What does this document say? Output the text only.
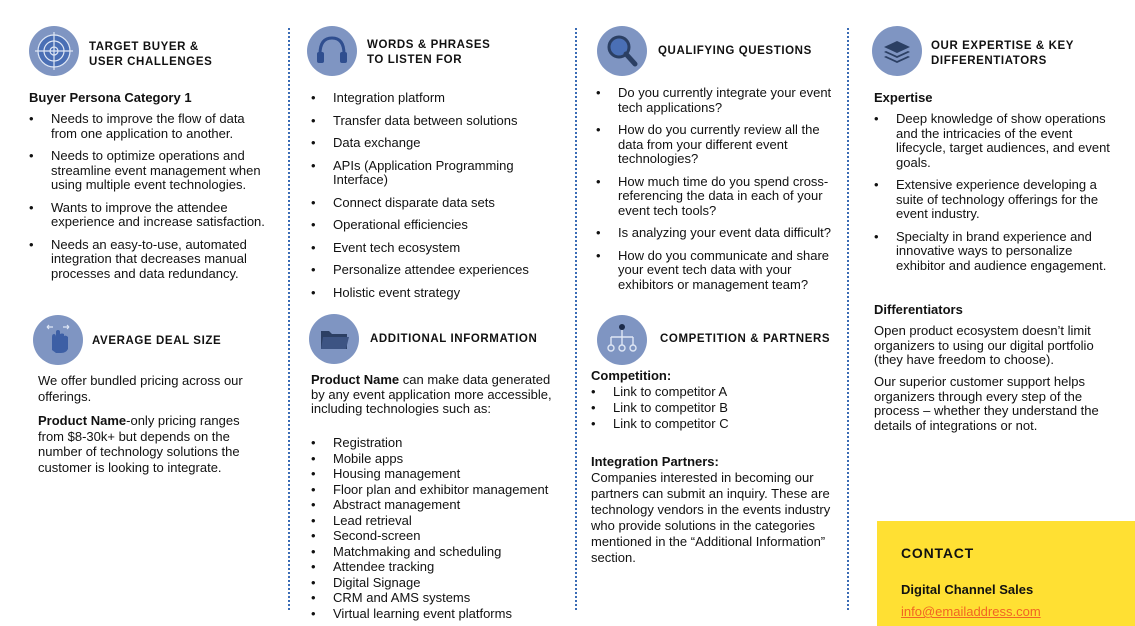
TARGET BUYER &
USER CHALLENGES
Buyer Persona Category 1
• Needs to improve the flow of data from one application to another.
• Needs to optimize operations and streamline event management when using multiple event technologies.
• Wants to improve the attendee experience and increase satisfaction.
• Needs an easy-to-use, automated integration that decreases manual processes and data redundancy.
AVERAGE DEAL SIZE
We offer bundled pricing across our offerings.
Product Name-only pricing ranges from $8-30k+ but depends on the number of technology solutions the customer is looking to integrate.
WORDS & PHRASES
TO LISTEN FOR
• Integration platform
• Transfer data between solutions
• Data exchange
• APIs (Application Programming Interface)
• Connect disparate data sets
• Operational efficiencies
• Event tech ecosystem
• Personalize attendee experiences
• Holistic event strategy
ADDITIONAL INFORMATION
Product Name can make data generated by any event application more accessible, including technologies such as:
• Registration
• Mobile apps
• Housing management
• Floor plan and exhibitor management
• Abstract management
• Lead retrieval
• Second-screen
• Matchmaking and scheduling
• Attendee tracking
• Digital Signage
• CRM and AMS systems
• Virtual learning event platforms
QUALIFYING QUESTIONS
• Do you currently integrate your event tech applications?
• How do you currently review all the data from your different event technologies?
• How much time do you spend cross-referencing the data in each of your event tech tools?
• Is analyzing your event data difficult?
• How do you communicate and share your event tech data with your exhibitors or management team?
COMPETITION & PARTNERS
Competition:
• Link to competitor A
• Link to competitor B
• Link to competitor C
Integration Partners:
Companies interested in becoming our partners can submit an inquiry. These are technology vendors in the events industry who provide solutions in the categories mentioned in the “Additional Information” section.
OUR EXPERTISE & KEY
DIFFERENTIATORS
Expertise
• Deep knowledge of show operations and the intricacies of the event lifecycle, target audiences, and event goals.
• Extensive experience developing a suite of technology offerings for the event industry.
• Specialty in brand experience and innovative ways to personalize exhibitor and audience engagement.
Differentiators
Open product ecosystem doesn’t limit organizers to using our digital portfolio (they have freedom to choose).
Our superior customer support helps organizers through every step of the process – whether they understand the details of integrations or not.
CONTACT
Digital Channel Sales
info@emailaddress.com
